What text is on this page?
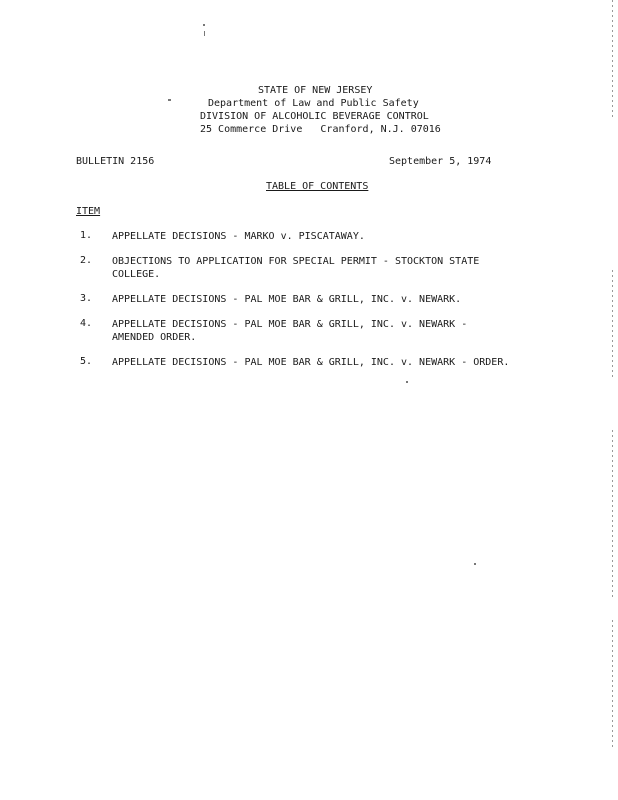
STATE OF NEW JERSEY
Department of Law and Public Safety
DIVISION OF ALCOHOLIC BEVERAGE CONTROL
25 Commerce Drive   Cranford, N.J. 07016
BULLETIN 2156	September 5, 1974
TABLE OF CONTENTS
ITEM
1. APPELLATE DECISIONS - MARKO v. PISCATAWAY.
2. OBJECTIONS TO APPLICATION FOR SPECIAL PERMIT - STOCKTON STATE
COLLEGE.
3. APPELLATE DECISIONS - PAL MOE BAR & GRILL, INC. v. NEWARK.
4. APPELLATE DECISIONS - PAL MOE BAR & GRILL, INC. v. NEWARK -
AMENDED ORDER.
5. APPELLATE DECISIONS - PAL MOE BAR & GRILL, INC. v. NEWARK - ORDER.
